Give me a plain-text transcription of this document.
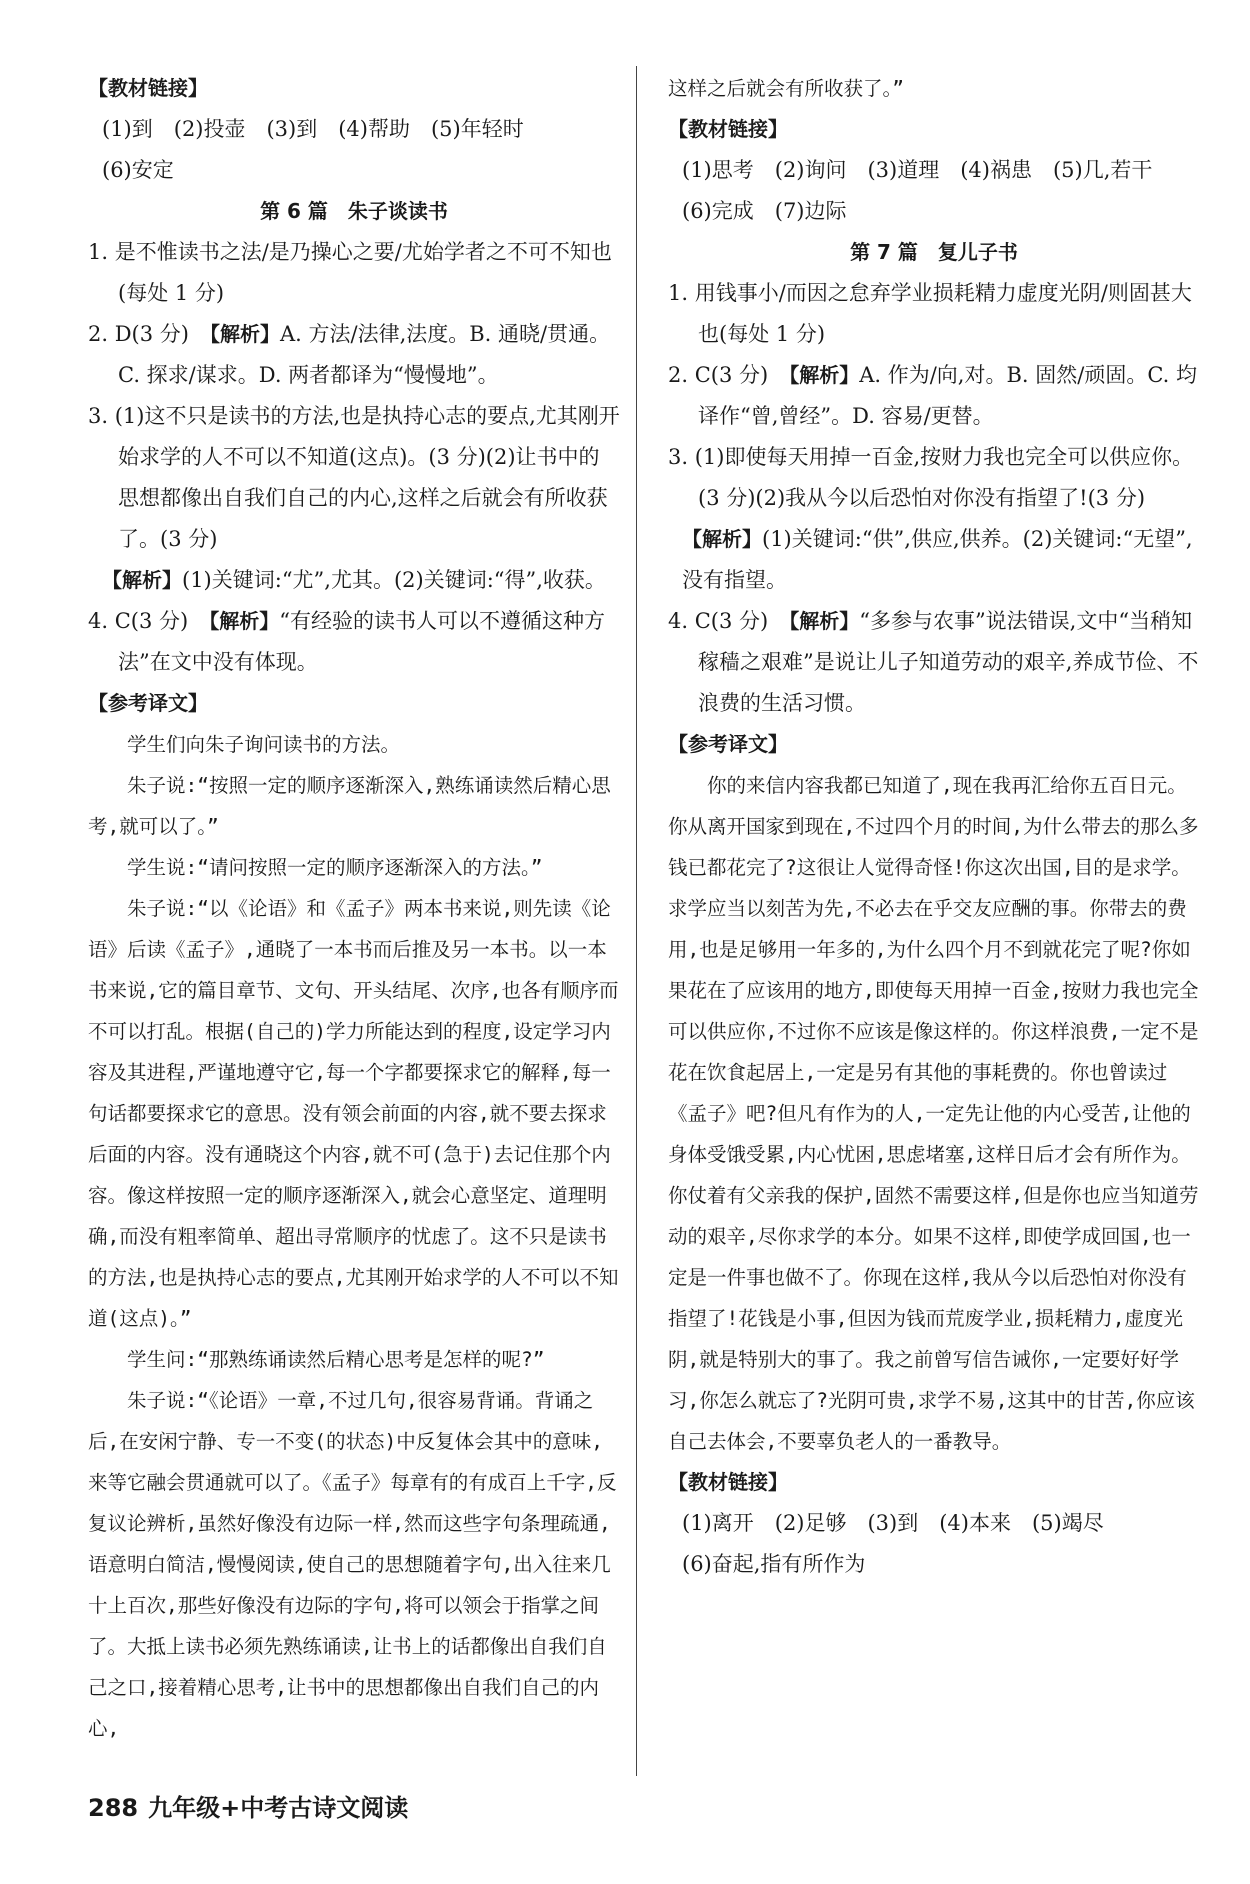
【教材链接】

(1)到　(2)投壶　(3)到　(4)帮助　(5)年轻时

(6)安定

第 6 篇　朱子谈读书

1. 是不惟读书之法/是乃操心之要/尤始学者之不可不知也(每处 1 分)

2. D(3 分)　【解析】A. 方法/法律,法度。B. 通晓/贯通。C. 探求/谋求。D. 两者都译为“慢慢地”。

3. (1)这不只是读书的方法,也是执持心志的要点,尤其刚开始求学的人不可以不知道(这点)。(3 分)(2)让书中的思想都像出自我们自己的内心,这样之后就会有所收获了。(3 分)

【解析】(1)关键词:“尤”,尤其。(2)关键词:“得”,收获。

4. C(3 分)　【解析】“有经验的读书人可以不遵循这种方法”在文中没有体现。

【参考译文】

学生们向朱子询问读书的方法。

朱子说:“按照一定的顺序逐渐深入,熟练诵读然后精心思考,就可以了。”

学生说:“请问按照一定的顺序逐渐深入的方法。”

朱子说:“以《论语》和《孟子》两本书来说,则先读《论语》后读《孟子》,通晓了一本书而后推及另一本书。以一本书来说,它的篇目章节、文句、开头结尾、次序,也各有顺序而不可以打乱。根据(自己的)学力所能达到的程度,设定学习内容及其进程,严谨地遵守它,每一个字都要探求它的解释,每一句话都要探求它的意思。没有领会前面的内容,就不要去探求后面的内容。没有通晓这个内容,就不可(急于)去记住那个内容。像这样按照一定的顺序逐渐深入,就会心意坚定、道理明确,而没有粗率简单、超出寻常顺序的忧虑了。这不只是读书的方法,也是执持心志的要点,尤其刚开始求学的人不可以不知道(这点)。”

学生问:“那熟练诵读然后精心思考是怎样的呢?”

朱子说:“《论语》一章,不过几句,很容易背诵。背诵之后,在安闲宁静、专一不变(的状态)中反复体会其中的意味,来等它融会贯通就可以了。《孟子》每章有的有成百上千字,反复议论辨析,虽然好像没有边际一样,然而这些字句条理疏通,语意明白简洁,慢慢阅读,使自己的思想随着字句,出入往来几十上百次,那些好像没有边际的字句,将可以领会于指掌之间了。大抵上读书必须先熟练诵读,让书上的话都像出自我们自己之口,接着精心思考,让书中的思想都像出自我们自己的内心,

这样之后就会有所收获了。”

【教材链接】

(1)思考　(2)询问　(3)道理　(4)祸患　(5)几,若干

(6)完成　(7)边际

第 7 篇　复儿子书

1. 用钱事小/而因之怠弃学业损耗精力虚度光阴/则固甚大也(每处 1 分)

2. C(3 分)　【解析】A. 作为/向,对。B. 固然/顽固。C. 均译作“曾,曾经”。D. 容易/更替。

3. (1)即使每天用掉一百金,按财力我也完全可以供应你。(3 分)(2)我从今以后恐怕对你没有指望了!(3 分)

【解析】(1)关键词:“供”,供应,供养。(2)关键词:“无望”,没有指望。

4. C(3 分)　【解析】“多参与农事”说法错误,文中“当稍知稼穑之艰难”是说让儿子知道劳动的艰辛,养成节俭、不浪费的生活习惯。

【参考译文】

你的来信内容我都已知道了,现在我再汇给你五百日元。你从离开国家到现在,不过四个月的时间,为什么带去的那么多钱已都花完了?这很让人觉得奇怪!你这次出国,目的是求学。求学应当以刻苦为先,不必去在乎交友应酬的事。你带去的费用,也是足够用一年多的,为什么四个月不到就花完了呢?你如果花在了应该用的地方,即使每天用掉一百金,按财力我也完全可以供应你,不过你不应该是像这样的。你这样浪费,一定不是花在饮食起居上,一定是另有其他的事耗费的。你也曾读过《孟子》吧?但凡有作为的人,一定先让他的内心受苦,让他的身体受饿受累,内心忧困,思虑堵塞,这样日后才会有所作为。你仗着有父亲我的保护,固然不需要这样,但是你也应当知道劳动的艰辛,尽你求学的本分。如果不这样,即使学成回国,也一定是一件事也做不了。你现在这样,我从今以后恐怕对你没有指望了!花钱是小事,但因为钱而荒废学业,损耗精力,虚度光阴,就是特别大的事了。我之前曾写信告诫你,一定要好好学习,你怎么就忘了?光阴可贵,求学不易,这其中的甘苦,你应该自己去体会,不要辜负老人的一番教导。

【教材链接】

(1)离开　(2)足够　(3)到　(4)本来　(5)竭尽

(6)奋起,指有所作为

288 九年级+中考古诗文阅读
